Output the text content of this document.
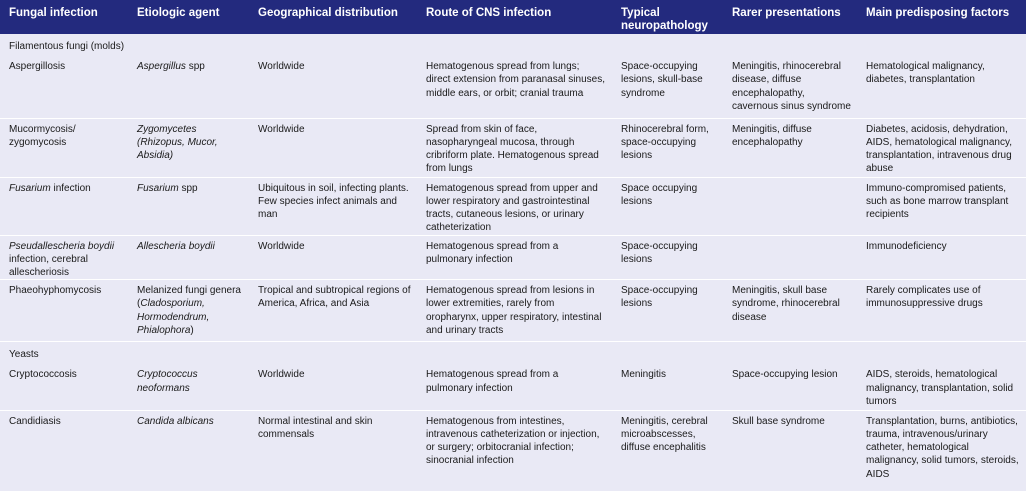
Fungal infection	Etiologic agent	Geographical distribution	Route of CNS infection	Typical neuropathology	Rarer presentations	Main predisposing factors
Filamentous fungi (molds)						
Aspergillosis	Aspergillus spp	Worldwide	Hematogenous spread from lungs; direct extension from paranasal sinuses, middle ears, or orbit; cranial trauma	Space-occupying lesions, skull-base syndrome	Meningitis, rhinocerebral disease, diffuse encephalopathy, cavernous sinus syndrome	Hematological malignancy, diabetes, transplantation
Mucormycosis/ zygomycosis	Zygomycetes (Rhizopus, Mucor, Absidia)	Worldwide	Spread from skin of face, nasopharyngeal mucosa, through cribriform plate. Hematogenous spread from lungs	Rhinocerebral form, space-occupying lesions	Meningitis, diffuse encephalopathy	Diabetes, acidosis, dehydration, AIDS, hematological malignancy, transplantation, intravenous drug abuse
Fusarium infection	Fusarium spp	Ubiquitous in soil, infecting plants. Few species infect animals and man	Hematogenous spread from upper and lower respiratory and gastrointestinal tracts, cutaneous lesions, or urinary catheterization	Space occupying lesions		Immuno-compromised patients, such as bone marrow transplant recipients
Pseudallescheria boydii infection, cerebral allescheriosis	Allescheria boydii	Worldwide	Hematogenous spread from a pulmonary infection	Space-occupying lesions		Immunodeficiency
Phaeohyphomycosis	Melanized fungi genera (Cladosporium, Hormodendrum, Phialophora)	Tropical and subtropical regions of America, Africa, and Asia	Hematogenous spread from lesions in lower extremities, rarely from oropharynx, upper respiratory, intestinal and urinary tracts	Space-occupying lesions	Meningitis, skull base syndrome, rhinocerebral disease	Rarely complicates use of immunosuppressive drugs
Yeasts						
Cryptococcosis	Cryptococcus neoformans	Worldwide	Hematogenous spread from a pulmonary infection	Meningitis	Space-occupying lesion	AIDS, steroids, hematological malignancy, transplantation, solid tumors
Candidiasis	Candida albicans	Normal intestinal and skin commensals	Hematogenous from intestines, intravenous catheterization or injection, or surgery; orbitocranial infection; sinocranial infection	Meningitis, cerebral microabscesses, diffuse encephalitis	Skull base syndrome	Transplantation, burns, antibiotics, trauma, intravenous/urinary catheter, hematological malignancy, solid tumors, steroids, AIDS
